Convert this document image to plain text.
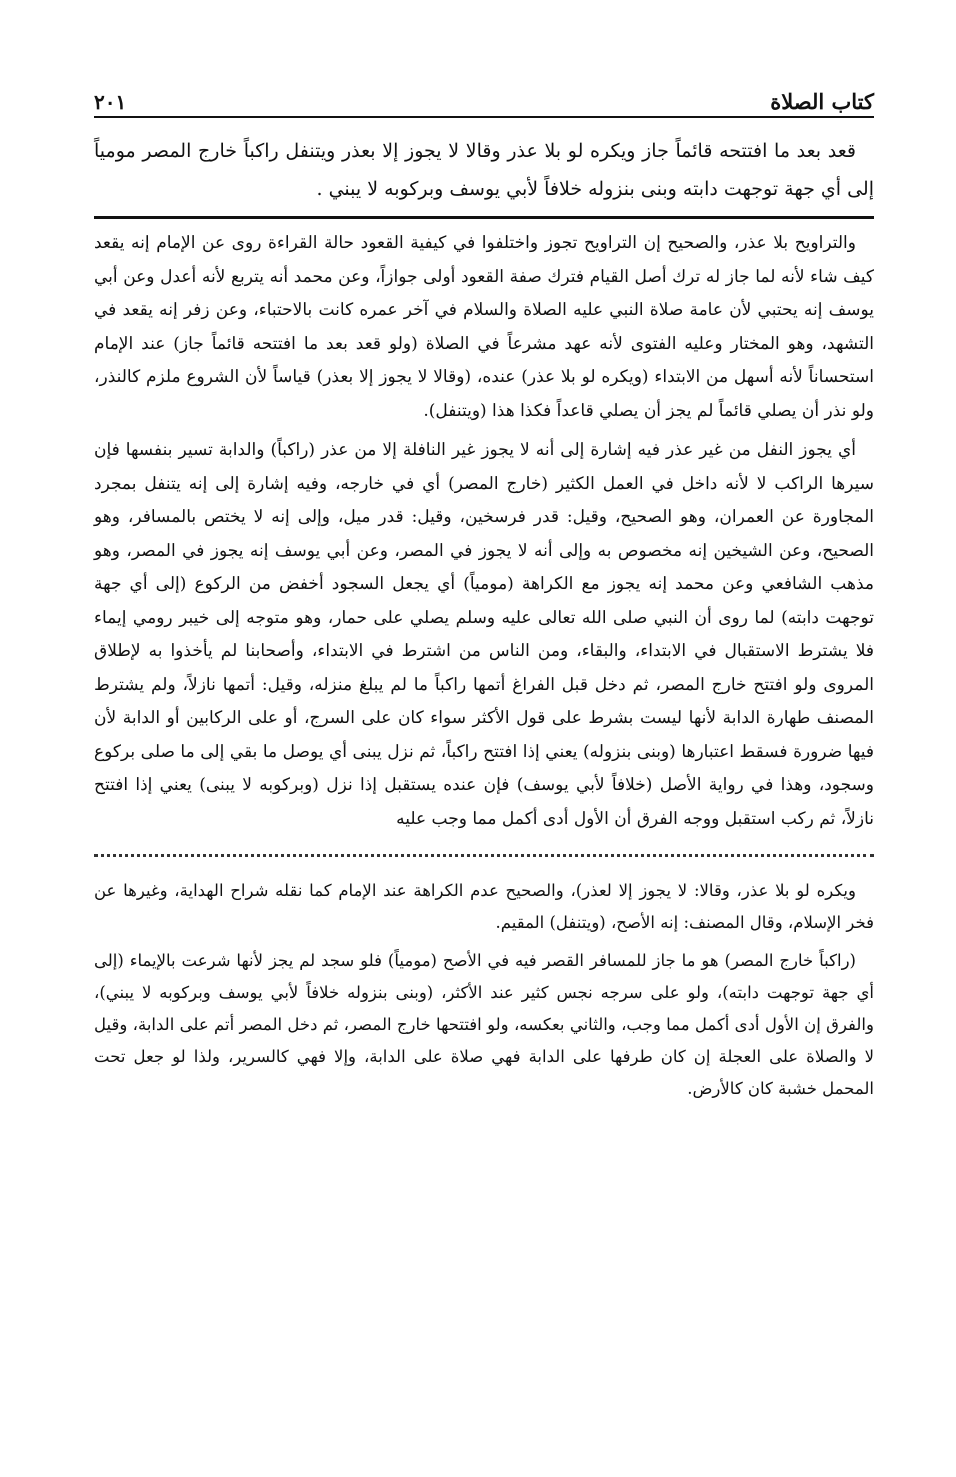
كتاب الصلاة
٢٠١

قعد بعد ما افتتحه قائماً جاز ويكره لو بلا عذر وقالا لا يجوز إلا بعذر ويتنفل راكباً خارج المصر مومياً إلى أي جهة توجهت دابته وبنى بنزوله خلافاً لأبي يوسف وبركوبه لا يبني .

والتراويح بلا عذر، والصحيح إن التراويح تجوز واختلفوا في كيفية القعود حالة القراءة روى عن الإمام إنه يقعد كيف شاء لأنه لما جاز له ترك أصل القيام فترك صفة القعود أولى جوازاً، وعن محمد أنه يتربع لأنه أعدل وعن أبي يوسف إنه يحتبي لأن عامة صلاة النبي عليه الصلاة والسلام في آخر عمره كانت بالاحتباء، وعن زفر إنه يقعد في التشهد، وهو المختار وعليه الفتوى لأنه عهد مشرعاً في الصلاة (ولو قعد بعد ما افتتحه قائماً جاز) عند الإمام استحساناً لأنه أسهل من الابتداء (ويكره لو بلا عذر) عنده، (وقالا لا يجوز إلا بعذر) قياساً لأن الشروع ملزم كالنذر، ولو نذر أن يصلي قائماً لم يجز أن يصلي قاعداً فكذا هذا (ويتنفل).

أي يجوز النفل من غير عذر فيه إشارة إلى أنه لا يجوز غير النافلة إلا من عذر (راكباً) والدابة تسير بنفسها فإن سيرها الراكب لا لأنه داخل في العمل الكثير (خارج المصر) أي في خارجه، وفيه إشارة إلى إنه يتنفل بمجرد المجاورة عن العمران، وهو الصحيح، وقيل: قدر فرسخين، وقيل: قدر ميل، وإلى إنه لا يختص بالمسافر، وهو الصحيح، وعن الشيخين إنه مخصوص به وإلى أنه لا يجوز في المصر، وعن أبي يوسف إنه يجوز في المصر، وهو مذهب الشافعي وعن محمد إنه يجوز مع الكراهة (مومياً) أي يجعل السجود أخفض من الركوع (إلى أي جهة توجهت دابته) لما روى أن النبي صلى الله تعالى عليه وسلم يصلي على حمار، وهو متوجه إلى خيبر رومي إيماء فلا يشترط الاستقبال في الابتداء، والبقاء، ومن الناس من اشترط في الابتداء، وأصحابنا لم يأخذوا به لإطلاق المروى ولو افتتح خارج المصر، ثم دخل قبل الفراغ أتمها راكباً ما لم يبلغ منزله، وقيل: أتمها نازلاً، ولم يشترط المصنف طهارة الدابة لأنها ليست بشرط على قول الأكثر سواء كان على السرج، أو على الركابين أو الدابة لأن فيها ضرورة فسقط اعتبارها (وبنى بنزوله) يعني إذا افتتح راكباً، ثم نزل يبنى أي يوصل ما بقي إلى ما صلى بركوع وسجود، وهذا في رواية الأصل (خلافاً لأبي يوسف) فإن عنده يستقبل إذا نزل (وبركوبه لا يبنى) يعني إذا افتتح نازلاً، ثم ركب استقبل ووجه الفرق أن الأول أدى أكمل مما وجب عليه

ويكره لو بلا عذر، وقالا: لا يجوز إلا لعذر)، والصحيح عدم الكراهة عند الإمام كما نقله شراح الهداية، وغيرها عن فخر الإسلام، وقال المصنف: إنه الأصح، (ويتنفل) المقيم.

(راكباً خارج المصر) هو ما جاز للمسافر القصر فيه في الأصح (مومياً) فلو سجد لم يجز لأنها شرعت بالإيماء (إلى أي جهة توجهت دابته)، ولو على سرجه نجس كثير عند الأكثر، (وبنى بنزوله خلافاً لأبي يوسف وبركوبه لا يبني)، والفرق إن الأول أدى أكمل مما وجب، والثاني بعكسه، ولو افتتحها خارج المصر، ثم دخل المصر أتم على الدابة، وقيل لا والصلاة على العجلة إن كان طرفها على الدابة فهي صلاة على الدابة، وإلا فهي كالسرير، ولذا لو جعل تحت المحمل خشبة كان كالأرض.
